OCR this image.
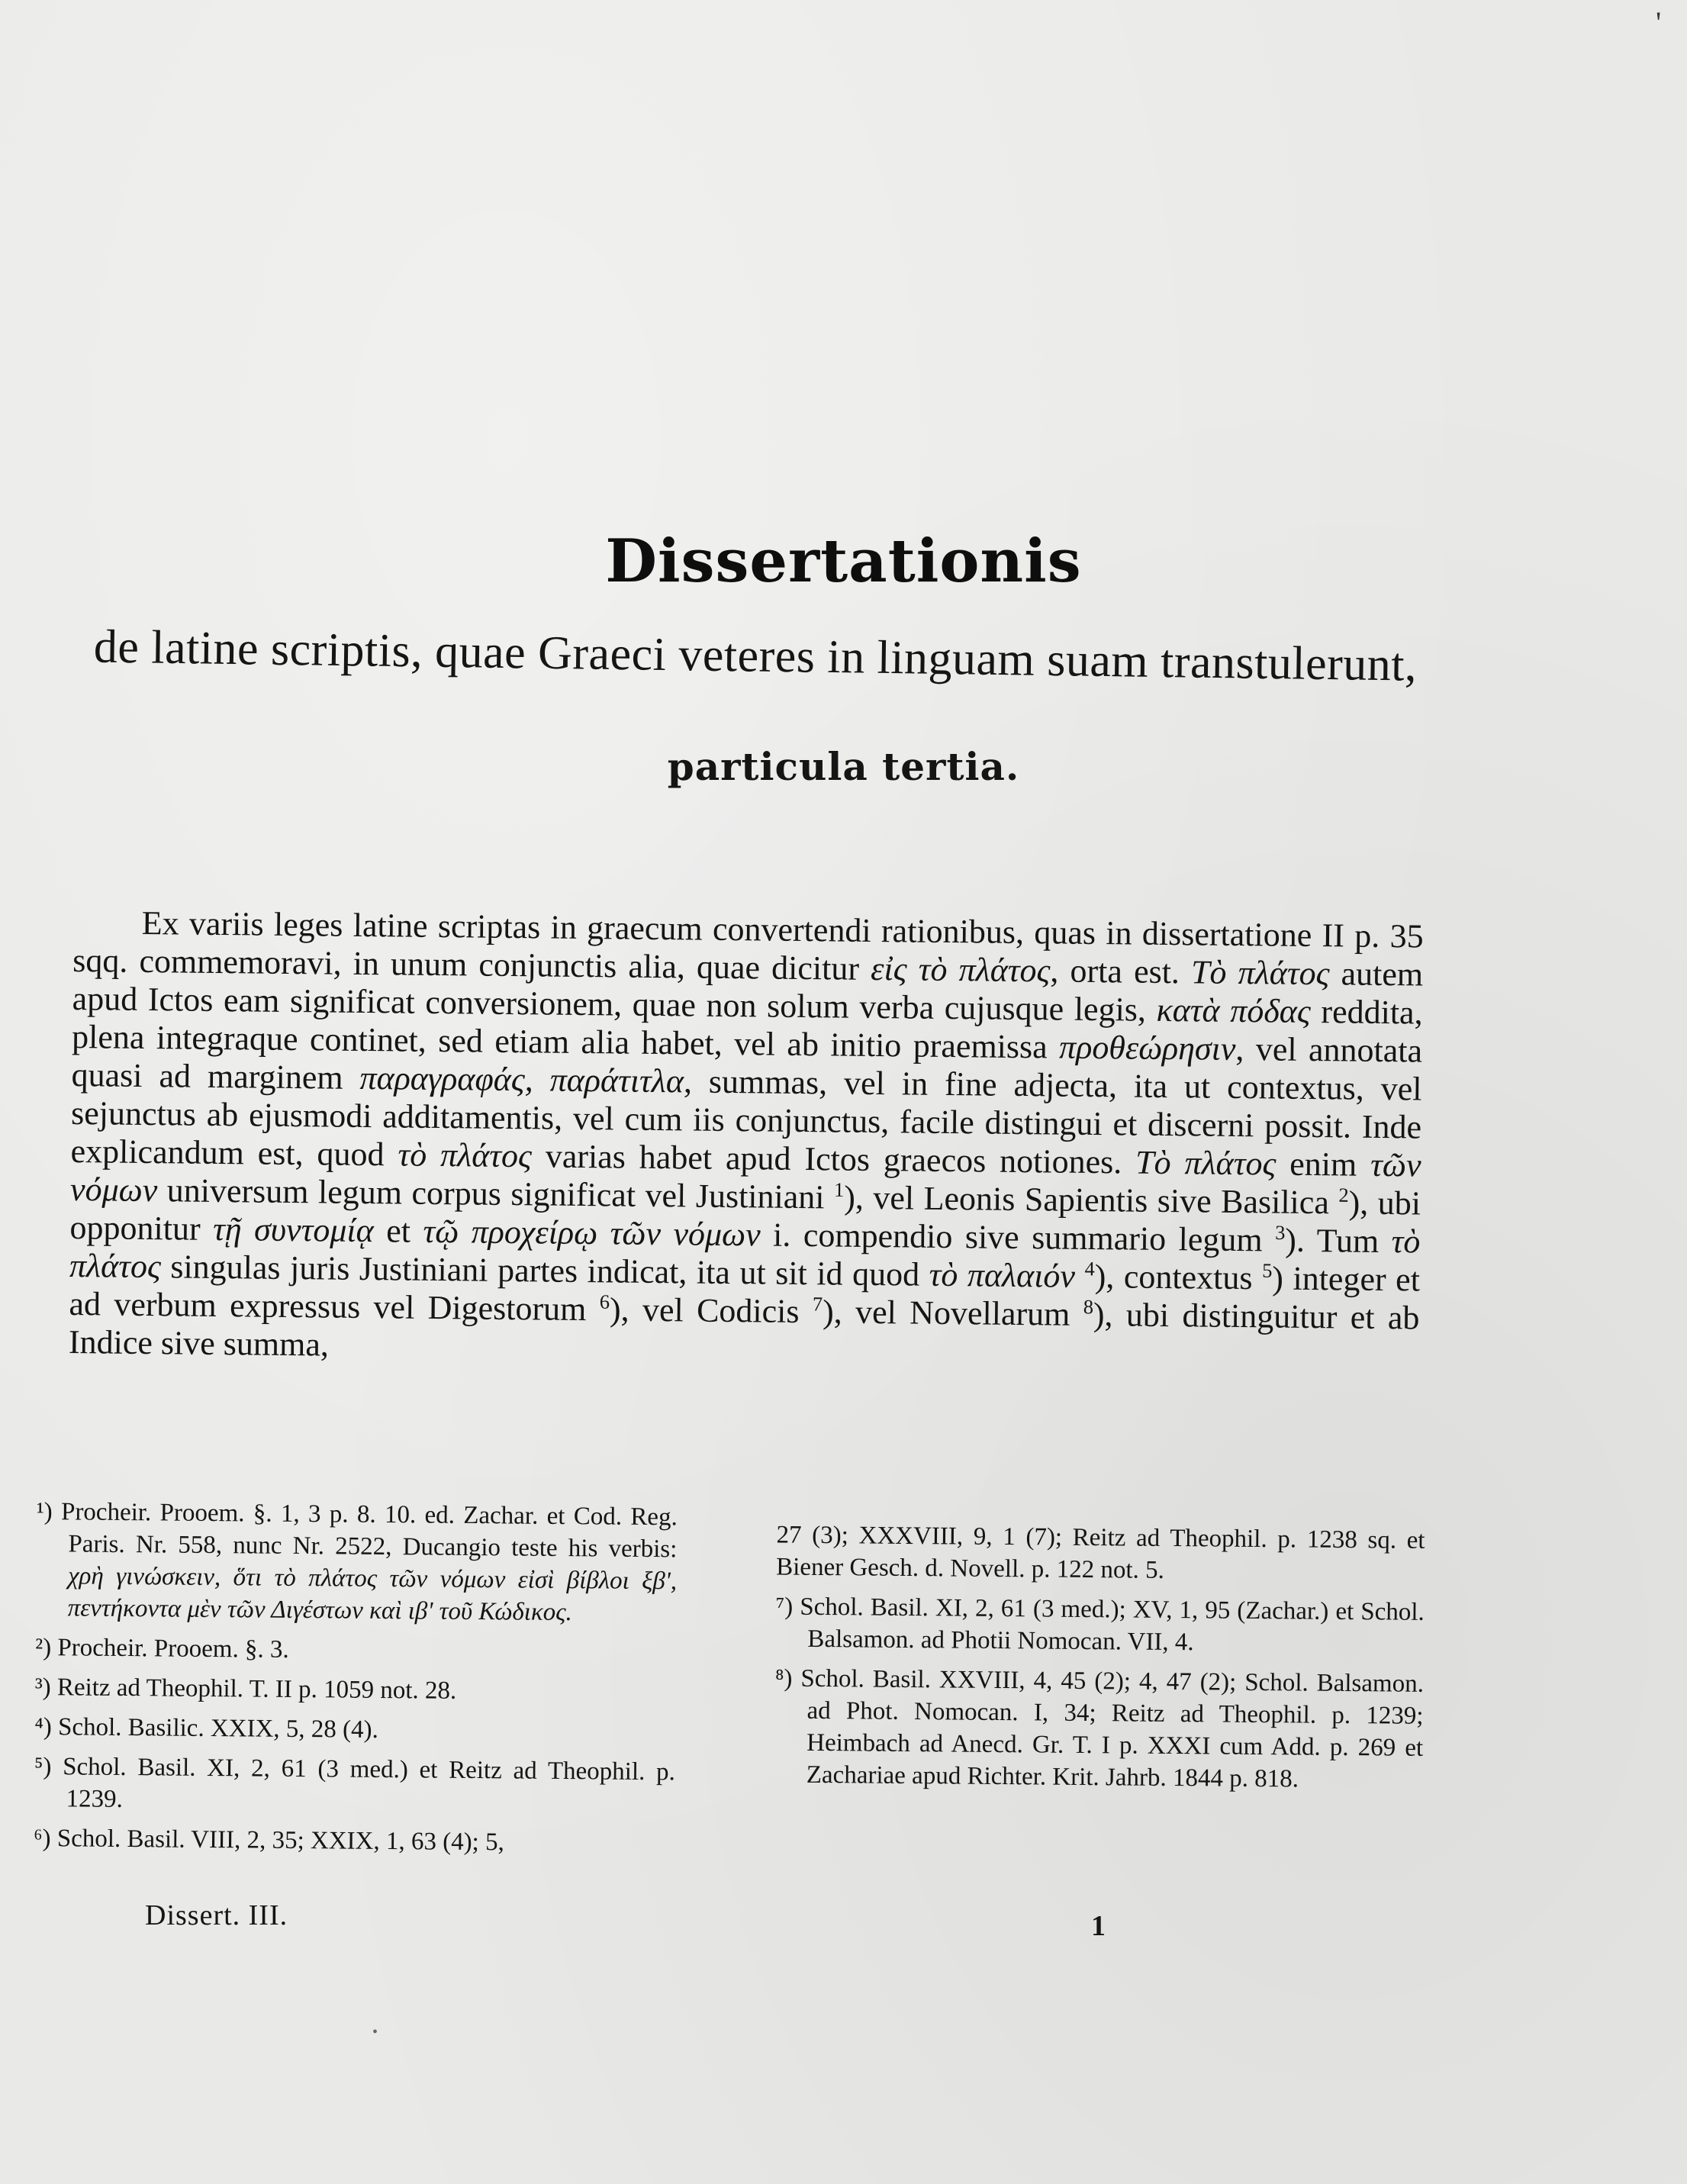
'
Dissertationis
de latine scriptis, quae Graeci veteres in linguam suam transtulerunt,
particula tertia.

Ex variis leges latine scriptas in graecum convertendi rationibus, quas in dissertatione II p. 35 sqq. commemoravi, in unum conjunctis alia, quae dicitur εἰς τὸ πλάτος, orta est. Τὸ πλάτος autem apud Ictos eam significat conversionem, quae non solum verba cujusque legis, κατὰ πόδας reddita, plena integraque continet, sed etiam alia habet, vel ab initio praemissa προθεώρησιν, vel annotata quasi ad marginem παραγραφάς, παράτιτλα, summas, vel in fine adjecta, ita ut contextus, vel sejunctus ab ejusmodi additamentis, vel cum iis conjunctus, facile distingui et discerni possit. Inde explicandum est, quod τὸ πλάτος varias habet apud Ictos graecos notiones. Τὸ πλάτος enim τῶν νόμων universum legum corpus significat vel Justiniani $^1$), vel Leonis Sapientis sive Basilica $^2$), ubi opponitur τῇ συντομίᾳ et τῷ προχείρῳ τῶν νόμων i. compendio sive summario legum $^3$). Tum τὸ πλάτος singulas juris Justiniani partes indicat, ita ut sit id quod τὸ παλαιόν $^4$), contextus $^5$) integer et ad verbum expressus vel Digestorum $^6$), vel Codicis $^7$), vel Novellarum $^8$), ubi distinguitur et ab Indice sive summa,

¹) Procheir. Prooem. §. 1, 3 p. 8. 10. ed. Zachar. et Cod. Reg. Paris. Nr. 558, nunc Nr. 2522, Ducangio teste his verbis: χρὴ γινώσκειν, ὅτι τὸ πλάτος τῶν νόμων εἰσὶ βίβλοι ξβ', πεντήκοντα μὲν τῶν Διγέστων καὶ ιβ' τοῦ Κώδικος.

²) Procheir. Prooem. §. 3.

³) Reitz ad Theophil. T. II p. 1059 not. 28.

⁴) Schol. Basilic. XXIX, 5, 28 (4).

⁵) Schol. Basil. XI, 2, 61 (3 med.) et Reitz ad Theophil. p. 1239.

⁶) Schol. Basil. VIII, 2, 35; XXIX, 1, 63 (4); 5,

27 (3); XXXVIII, 9, 1 (7); Reitz ad Theophil. p. 1238 sq. et Biener Gesch. d. Novell. p. 122 not. 5.

⁷) Schol. Basil. XI, 2, 61 (3 med.); XV, 1, 95 (Zachar.) et Schol. Balsamon. ad Photii Nomocan. VII, 4.

⁸) Schol. Basil. XXVIII, 4, 45 (2); 4, 47 (2); Schol. Balsamon. ad Phot. Nomocan. I, 34; Reitz ad Theophil. p. 1239; Heimbach ad Anecd. Gr. T. I p. XXXI cum Add. p. 269 et Zachariae apud Richter. Krit. Jahrb. 1844 p. 818.

Dissert. III.	1
•
